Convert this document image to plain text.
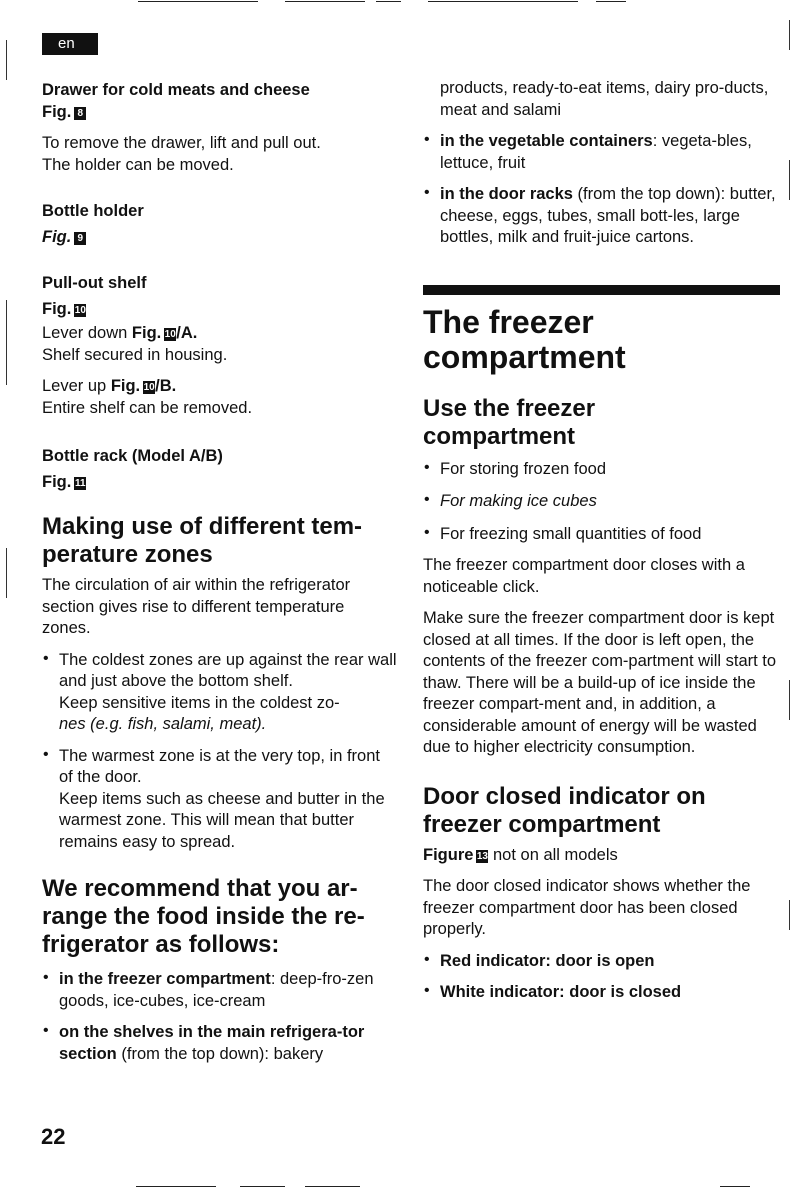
en

Drawer for cold meats and cheese

Fig. 8

To remove the drawer, lift and pull out.

The holder can be moved.

Bottle holder

Fig. 9

Pull-out shelf

Fig. 10

Lever down Fig. 10/A.

Shelf secured in housing.

Lever up Fig. 10/B.

Entire shelf can be removed.

Bottle rack (Model A/B)

Fig. 11

Making use of different tem-

perature zones

The circulation of air within the refrigerator section gives rise to different temperature zones.

• The coldest zones are up against the rear wall and just above the bottom shelf.

Keep sensitive items in the coldest zo-

nes (e.g. fish, salami, meat).

• The warmest zone is at the very top, in front of the door.

Keep items such as cheese and butter in the warmest zone. This will mean that butter remains easy to spread.

We recommend that you ar-

range the food inside the re-

frigerator as follows:

• in the freezer compartment: deep-fro-zen goods, ice-cubes, ice-cream

• on the shelves in the main refrigera-tor section (from the top down): bakery

products, ready-to-eat items, dairy pro-ducts, meat and salami

• in the vegetable containers: vegeta-bles, lettuce, fruit

• in the door racks (from the top down): butter, cheese, eggs, tubes, small bott-les, large bottles, milk and fruit-juice cartons.

The freezer

compartment

Use the freezer

compartment

• For storing frozen food

• For making ice cubes

• For freezing small quantities of food

The freezer compartment door closes with a noticeable click.

Make sure the freezer compartment door is kept closed at all times. If the door is left open, the contents of the freezer com-partment will start to thaw. There will be a build-up of ice inside the freezer compart-ment and, in addition, a considerable amount of energy will be wasted due to higher electricity consumption.

Door closed indicator on

freezer compartment

Figure 13 not on all models

The door closed indicator shows whether the freezer compartment door has been closed properly.

• Red indicator: door is open

• White indicator: door is closed

22
